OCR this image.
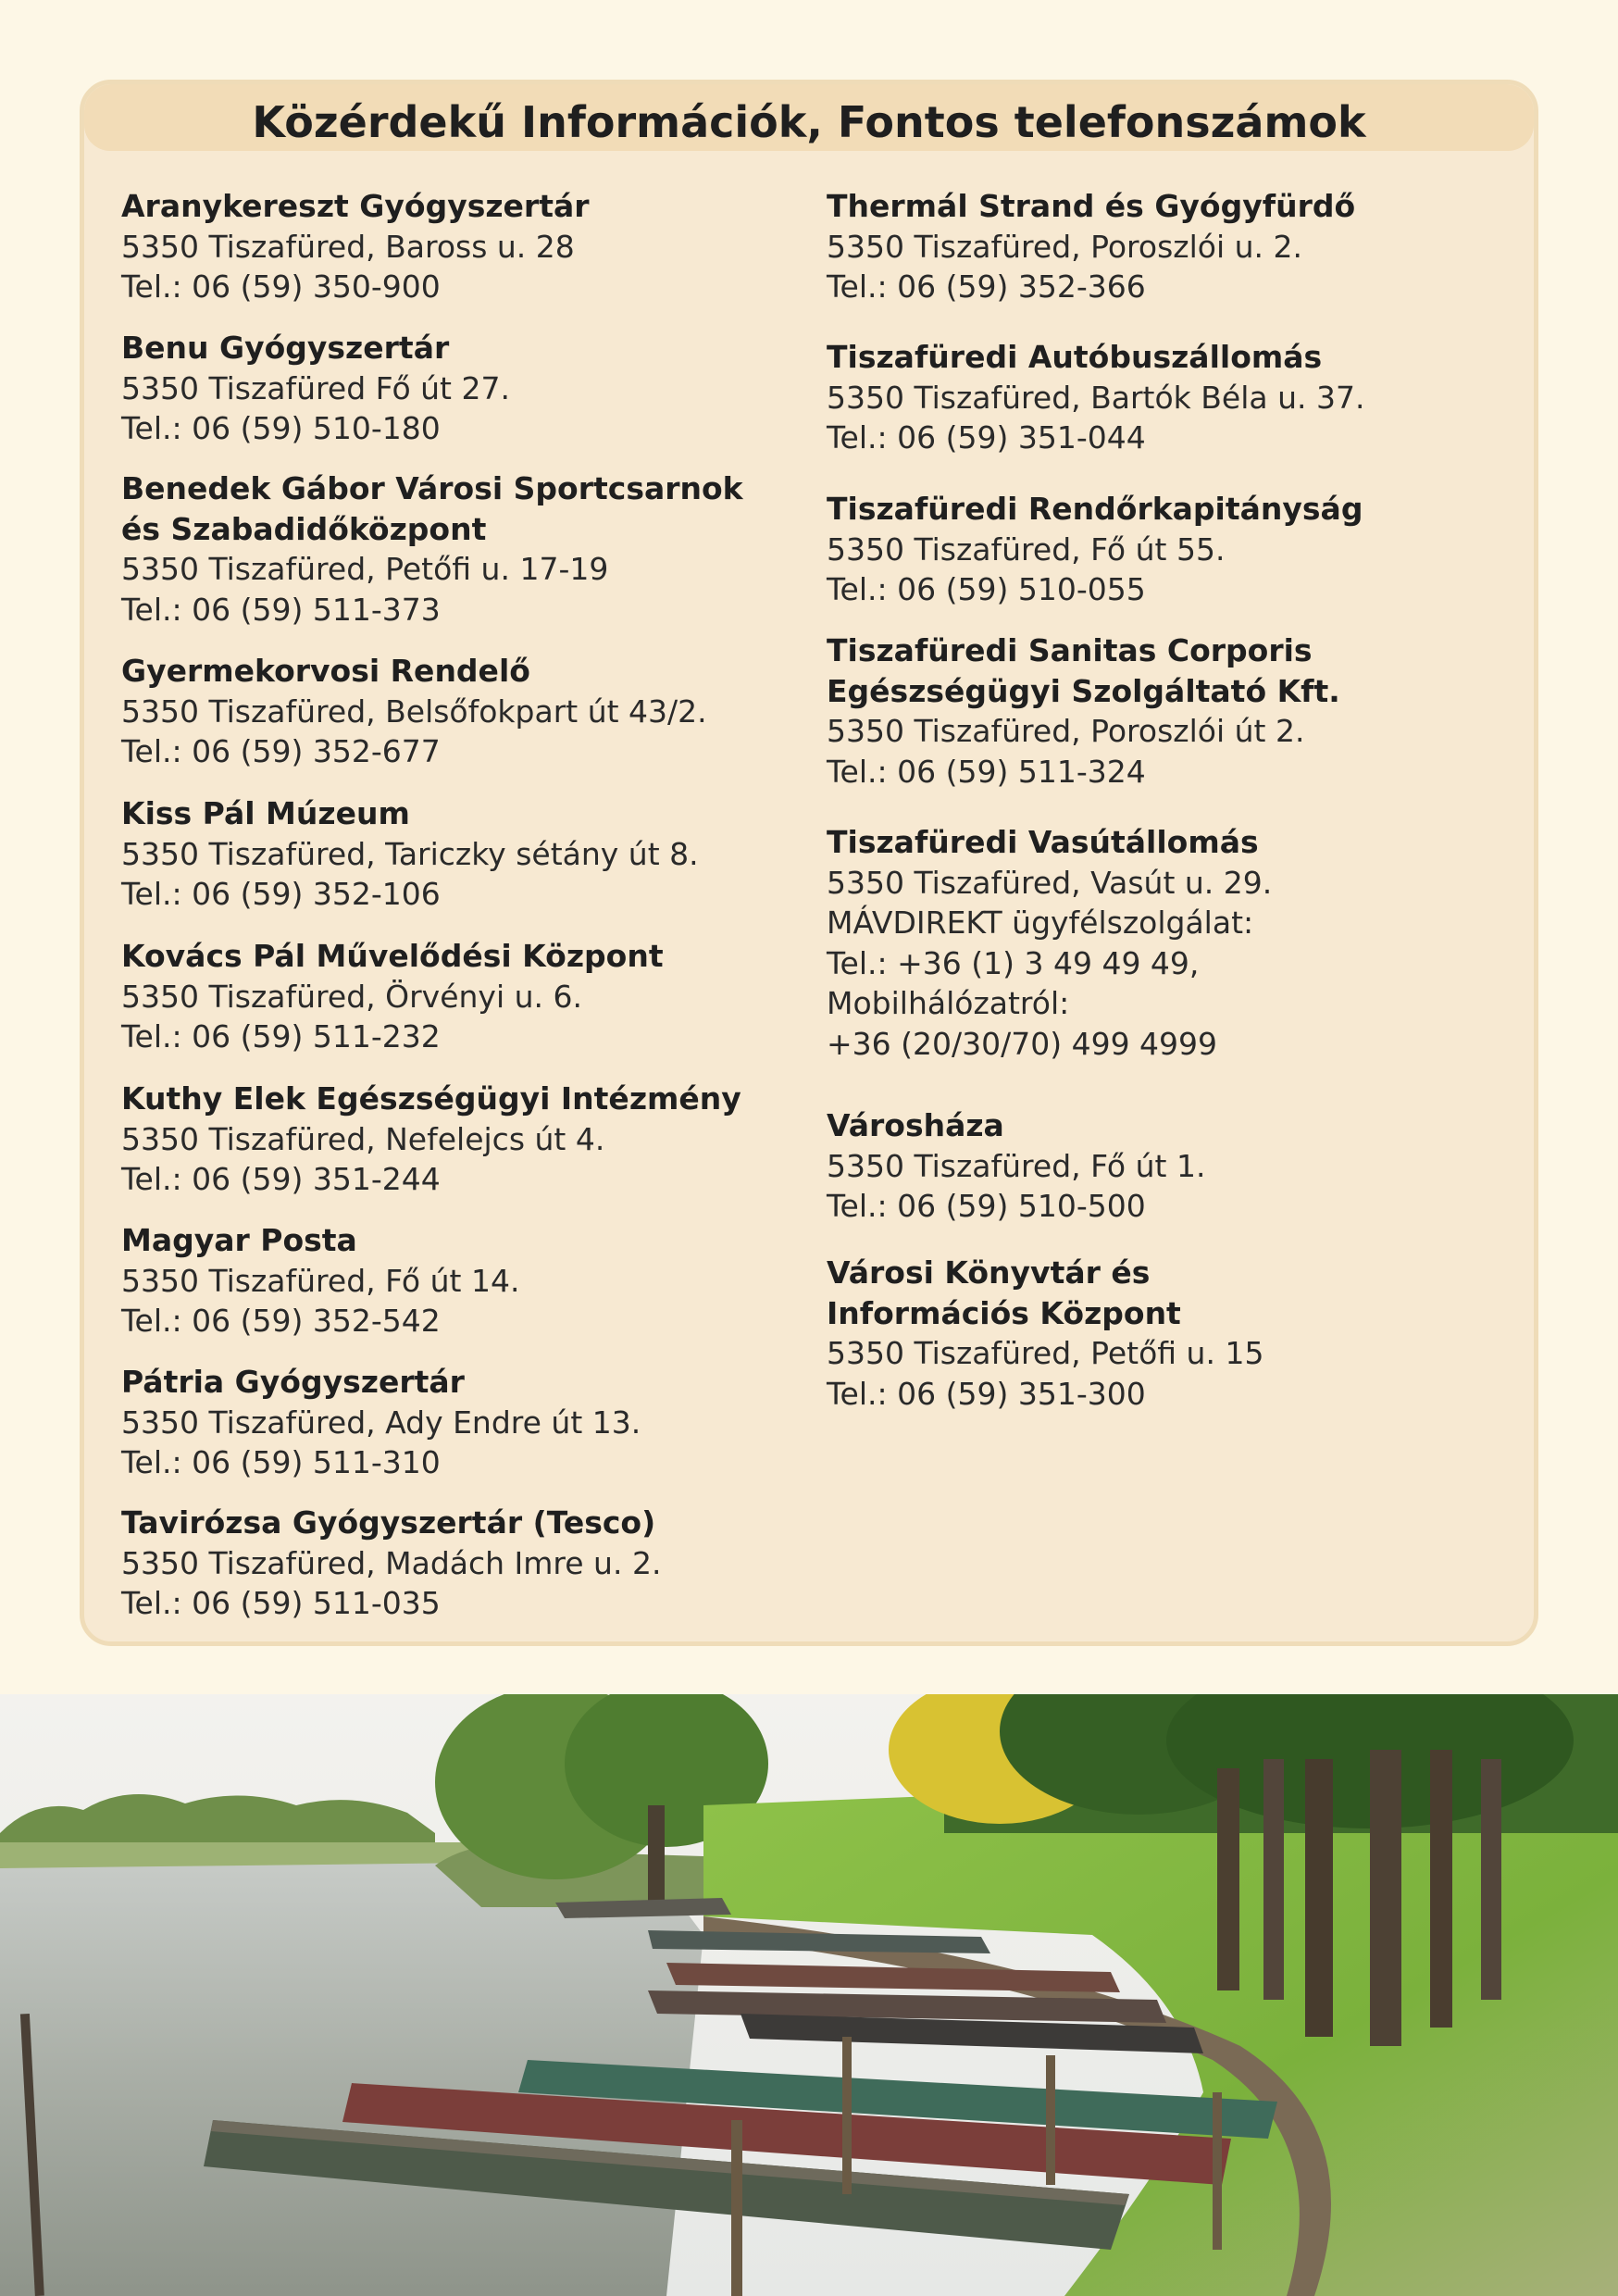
Közérdekű Információk, Fontos telefonszámok
Aranykereszt Gyógyszertár
5350 Tiszafüred, Baross u. 28
Tel.: 06 (59) 350-900
Benu Gyógyszertár
5350 Tiszafüred Fő út 27.
Tel.: 06 (59) 510-180
Benedek Gábor Városi Sportcsarnok
és Szabadidőközpont
5350 Tiszafüred, Petőfi u. 17-19
Tel.: 06 (59) 511-373
Gyermekorvosi Rendelő
5350 Tiszafüred, Belsőfokpart út 43/2.
Tel.: 06 (59) 352-677
Kiss Pál Múzeum
5350 Tiszafüred, Tariczky sétány út 8.
Tel.: 06 (59) 352-106
Kovács Pál Művelődési Központ
5350 Tiszafüred, Örvényi u. 6.
Tel.: 06 (59) 511-232
Kuthy Elek Egészségügyi Intézmény
5350 Tiszafüred, Nefelejcs út 4.
Tel.: 06 (59) 351-244
Magyar Posta
5350 Tiszafüred, Fő út 14.
Tel.: 06 (59) 352-542
Pátria Gyógyszertár
5350 Tiszafüred, Ady Endre út 13.
Tel.: 06 (59) 511-310
Tavirózsa Gyógyszertár (Tesco)
5350 Tiszafüred, Madách Imre u. 2.
Tel.: 06 (59) 511-035
Thermál Strand és Gyógyfürdő
5350 Tiszafüred, Poroszlói u. 2.
Tel.: 06 (59) 352-366
Tiszafüredi Autóbuszállomás
5350 Tiszafüred, Bartók Béla u. 37.
Tel.: 06 (59) 351-044
Tiszafüredi Rendőrkapitányság
5350 Tiszafüred, Fő út 55.
Tel.: 06 (59) 510-055
Tiszafüredi Sanitas Corporis
Egészségügyi Szolgáltató Kft.
5350 Tiszafüred, Poroszlói út 2.
Tel.: 06 (59) 511-324
Tiszafüredi Vasútállomás
5350 Tiszafüred, Vasút u. 29.
MÁVDIREKT ügyfélszolgálat:
Tel.: +36 (1) 3 49 49 49,
Mobilhálózatról:
+36 (20/30/70) 499 4999
Városháza
5350 Tiszafüred, Fő út 1.
Tel.: 06 (59) 510-500
Városi Könyvtár és
Információs Központ
5350 Tiszafüred, Petőfi u. 15
Tel.: 06 (59) 351-300
